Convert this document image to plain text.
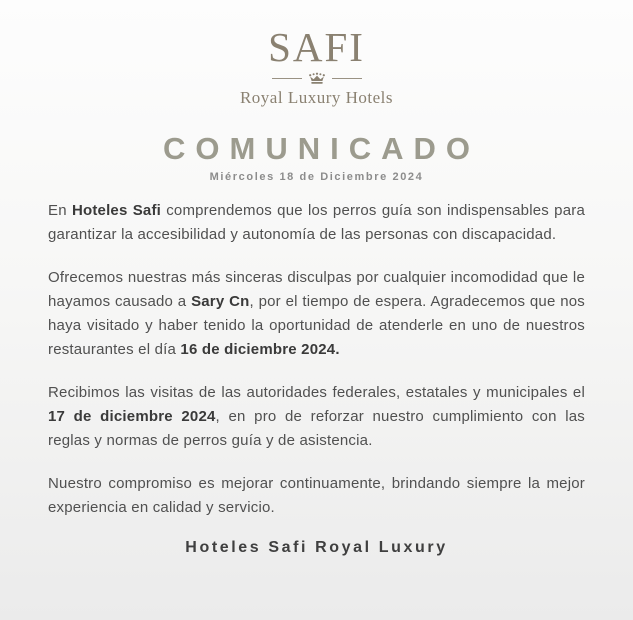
SAFI
Royal Luxury Hotels
COMUNICADO
Miércoles 18 de Diciembre 2024

En Hoteles Safi comprendemos que los perros guía son indispensables para garantizar la accesibilidad y autonomía de las personas con discapacidad.

Ofrecemos nuestras más sinceras disculpas por cualquier incomodidad que le hayamos causado a Sary Cn, por el tiempo de espera. Agradecemos que nos haya visitado y haber tenido la oportunidad de atenderle en uno de nuestros restaurantes el día 16 de diciembre 2024.

Recibimos las visitas de las autoridades federales, estatales y municipales el 17 de diciembre 2024, en pro de reforzar nuestro cumplimiento con las reglas y normas de perros guía y de asistencia.

Nuestro compromiso es mejorar continuamente, brindando siempre la mejor experiencia en calidad y servicio.

Hoteles Safi Royal Luxury
